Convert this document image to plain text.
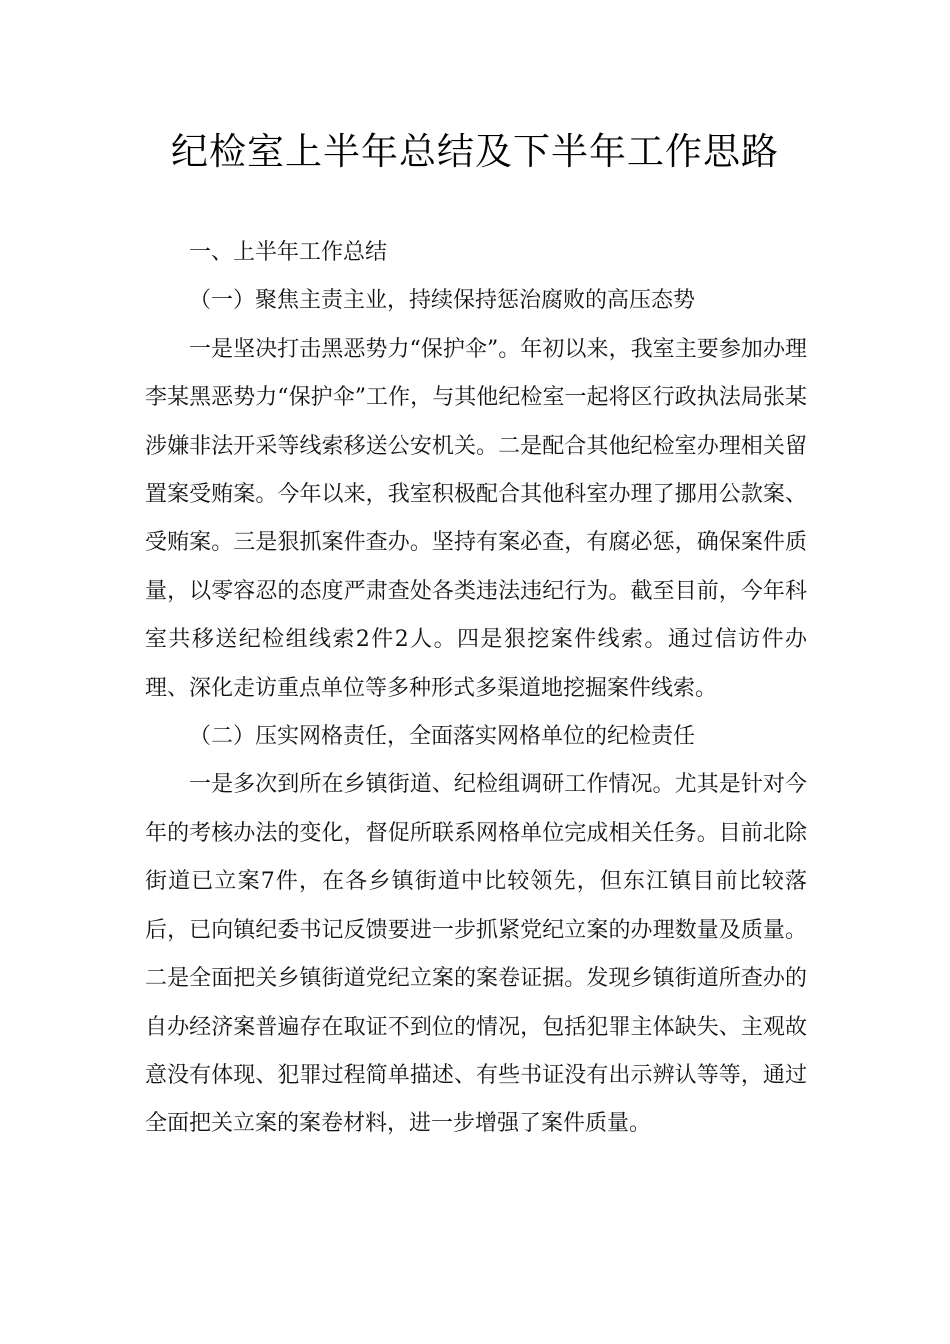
纪检室上半年总结及下半年工作思路

一、上半年工作总结

（一）聚焦主责主业，持续保持惩治腐败的高压态势

一是坚决打击黑恶势力“保护伞”。年初以来，我室主要参加办理李某黑恶势力“保护伞”工作，与其他纪检室一起将区行政执法局张某涉嫌非法开采等线索移送公安机关。二是配合其他纪检室办理相关留置案受贿案。今年以来，我室积极配合其他科室办理了挪用公款案、受贿案。三是狠抓案件查办。坚持有案必查，有腐必惩，确保案件质量，以零容忍的态度严肃查处各类违法违纪行为。截至目前，今年科室共移送纪检组线索2件2人。四是狠挖案件线索。通过信访件办理、深化走访重点单位等多种形式多渠道地挖掘案件线索。

（二）压实网格责任，全面落实网格单位的纪检责任

一是多次到所在乡镇街道、纪检组调研工作情况。尤其是针对今年的考核办法的变化，督促所联系网格单位完成相关任务。目前北除街道已立案7件，在各乡镇街道中比较领先，但东江镇目前比较落后，已向镇纪委书记反馈要进一步抓紧党纪立案的办理数量及质量。二是全面把关乡镇街道党纪立案的案卷证据。发现乡镇街道所查办的自办经济案普遍存在取证不到位的情况，包括犯罪主体缺失、主观故意没有体现、犯罪过程简单描述、有些书证没有出示辨认等等，通过全面把关立案的案卷材料，进一步增强了案件质量。
